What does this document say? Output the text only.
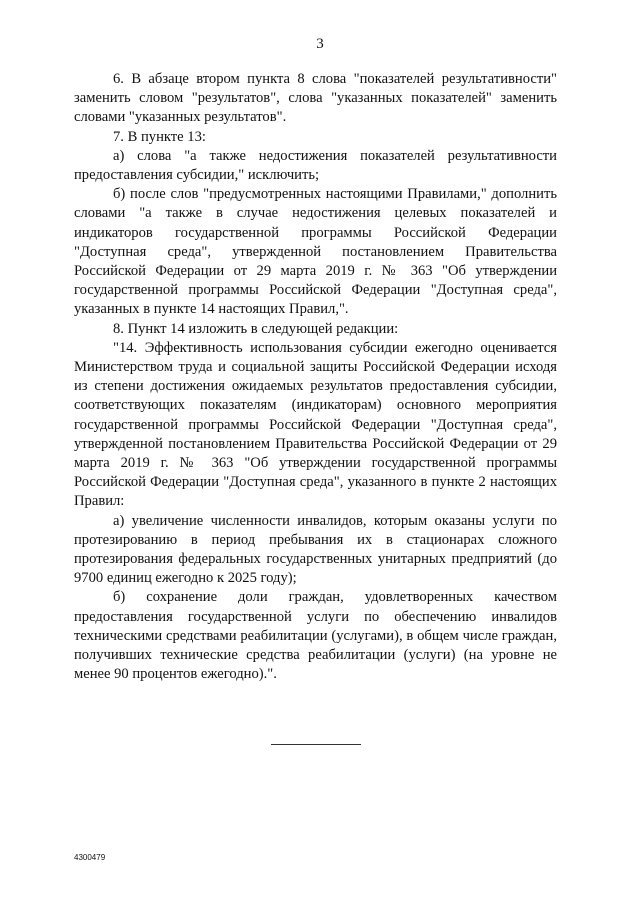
3

6. В абзаце втором пункта 8 слова "показателей результативности" заменить словом "результатов", слова "указанных показателей" заменить словами "указанных результатов".

7. В пункте 13:

а) слова "а также недостижения показателей результативности предоставления субсидии," исключить;

б) после слов "предусмотренных настоящими Правилами," дополнить словами "а также в случае недостижения целевых показателей и индикаторов государственной программы Российской Федерации "Доступная среда", утвержденной постановлением Правительства Российской Федерации от 29 марта 2019 г. № 363 "Об утверждении государственной программы Российской Федерации "Доступная среда", указанных в пункте 14 настоящих Правил,".

8. Пункт 14 изложить в следующей редакции:

"14. Эффективность использования субсидии ежегодно оценивается Министерством труда и социальной защиты Российской Федерации исходя из степени достижения ожидаемых результатов предоставления субсидии, соответствующих показателям (индикаторам) основного мероприятия государственной программы Российской Федерации "Доступная среда", утвержденной постановлением Правительства Российской Федерации от 29 марта 2019 г. № 363 "Об утверждении государственной программы Российской Федерации "Доступная среда", указанного в пункте 2 настоящих Правил:

а) увеличение численности инвалидов, которым оказаны услуги по протезированию в период пребывания их в стационарах сложного протезирования федеральных государственных унитарных предприятий (до 9700 единиц ежегодно к 2025 году);

б) сохранение доли граждан, удовлетворенных качеством предоставления государственной услуги по обеспечению инвалидов техническими средствами реабилитации (услугами), в общем числе граждан, получивших технические средства реабилитации (услуги) (на уровне не менее 90 процентов ежегодно).".

4300479
